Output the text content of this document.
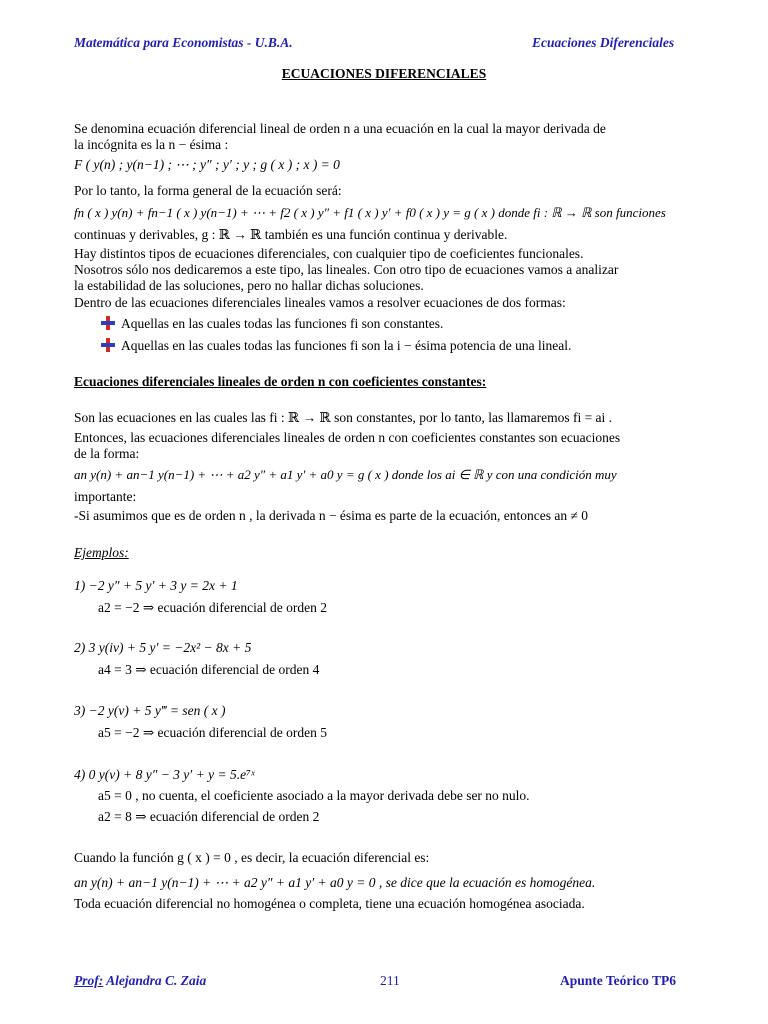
Matemática para Economistas - U.B.A.	Ecuaciones Diferenciales
ECUACIONES DIFERENCIALES
Se denomina ecuación diferencial lineal de orden n a una ecuación en la cual la mayor derivada de
la incógnita es la n − ésima :
F ( y(n) ; y(n−1) ; ⋯ ; y″ ; y′ ; y ; g ( x ) ; x ) = 0
Por lo tanto, la forma general de la ecuación será:
fn ( x ) y(n) + fn−1 ( x ) y(n−1) + ⋯ + f2 ( x ) y″ + f1 ( x ) y′ + f0 ( x ) y = g ( x ) donde fi : ℝ → ℝ son funciones
continuas y derivables, g : ℝ → ℝ también es una función continua y derivable.
Hay distintos tipos de ecuaciones diferenciales, con cualquier tipo de coeficientes funcionales.
Nosotros sólo nos dedicaremos a este tipo, las lineales. Con otro tipo de ecuaciones vamos a analizar
la estabilidad de las soluciones, pero no hallar dichas soluciones.
Dentro de las ecuaciones diferenciales lineales vamos a resolver ecuaciones de dos formas:
Aquellas en las cuales todas las funciones fi son constantes.
Aquellas en las cuales todas las funciones fi son la i − ésima potencia de una lineal.
Ecuaciones diferenciales lineales de orden n con coeficientes constantes:
Son las ecuaciones en las cuales las fi : ℝ → ℝ son constantes, por lo tanto, las llamaremos fi = ai .
Entonces, las ecuaciones diferenciales lineales de orden n con coeficientes constantes son ecuaciones
de la forma:
an y(n) + an−1 y(n−1) + ⋯ + a2 y″ + a1 y′ + a0 y = g ( x ) donde los ai ∈ ℝ y con una condición muy
importante:
-Si asumimos que es de orden n , la derivada n − ésima es parte de la ecuación, entonces an ≠ 0
Ejemplos:
1) −2 y″ + 5 y′ + 3 y = 2x + 1
a2 = −2 ⇒ ecuación diferencial de orden 2
2) 3 y(iv) + 5 y′ = −2x² − 8x + 5
a4 = 3 ⇒ ecuación diferencial de orden 4
3) −2 y(v) + 5 y‴ = sen ( x )
a5 = −2 ⇒ ecuación diferencial de orden 5
4) 0 y(v) + 8 y″ − 3 y′ + y = 5.e⁷ˣ
a5 = 0 , no cuenta, el coeficiente asociado a la mayor derivada debe ser no nulo.
a2 = 8 ⇒ ecuación diferencial de orden 2
Cuando la función g ( x ) = 0 , es decir, la ecuación diferencial es:
an y(n) + an−1 y(n−1) + ⋯ + a2 y″ + a1 y′ + a0 y = 0 , se dice que la ecuación es homogénea.
Toda ecuación diferencial no homogénea o completa, tiene una ecuación homogénea asociada.
Prof: Alejandra C. Zaia	211	Apunte Teórico TP6
